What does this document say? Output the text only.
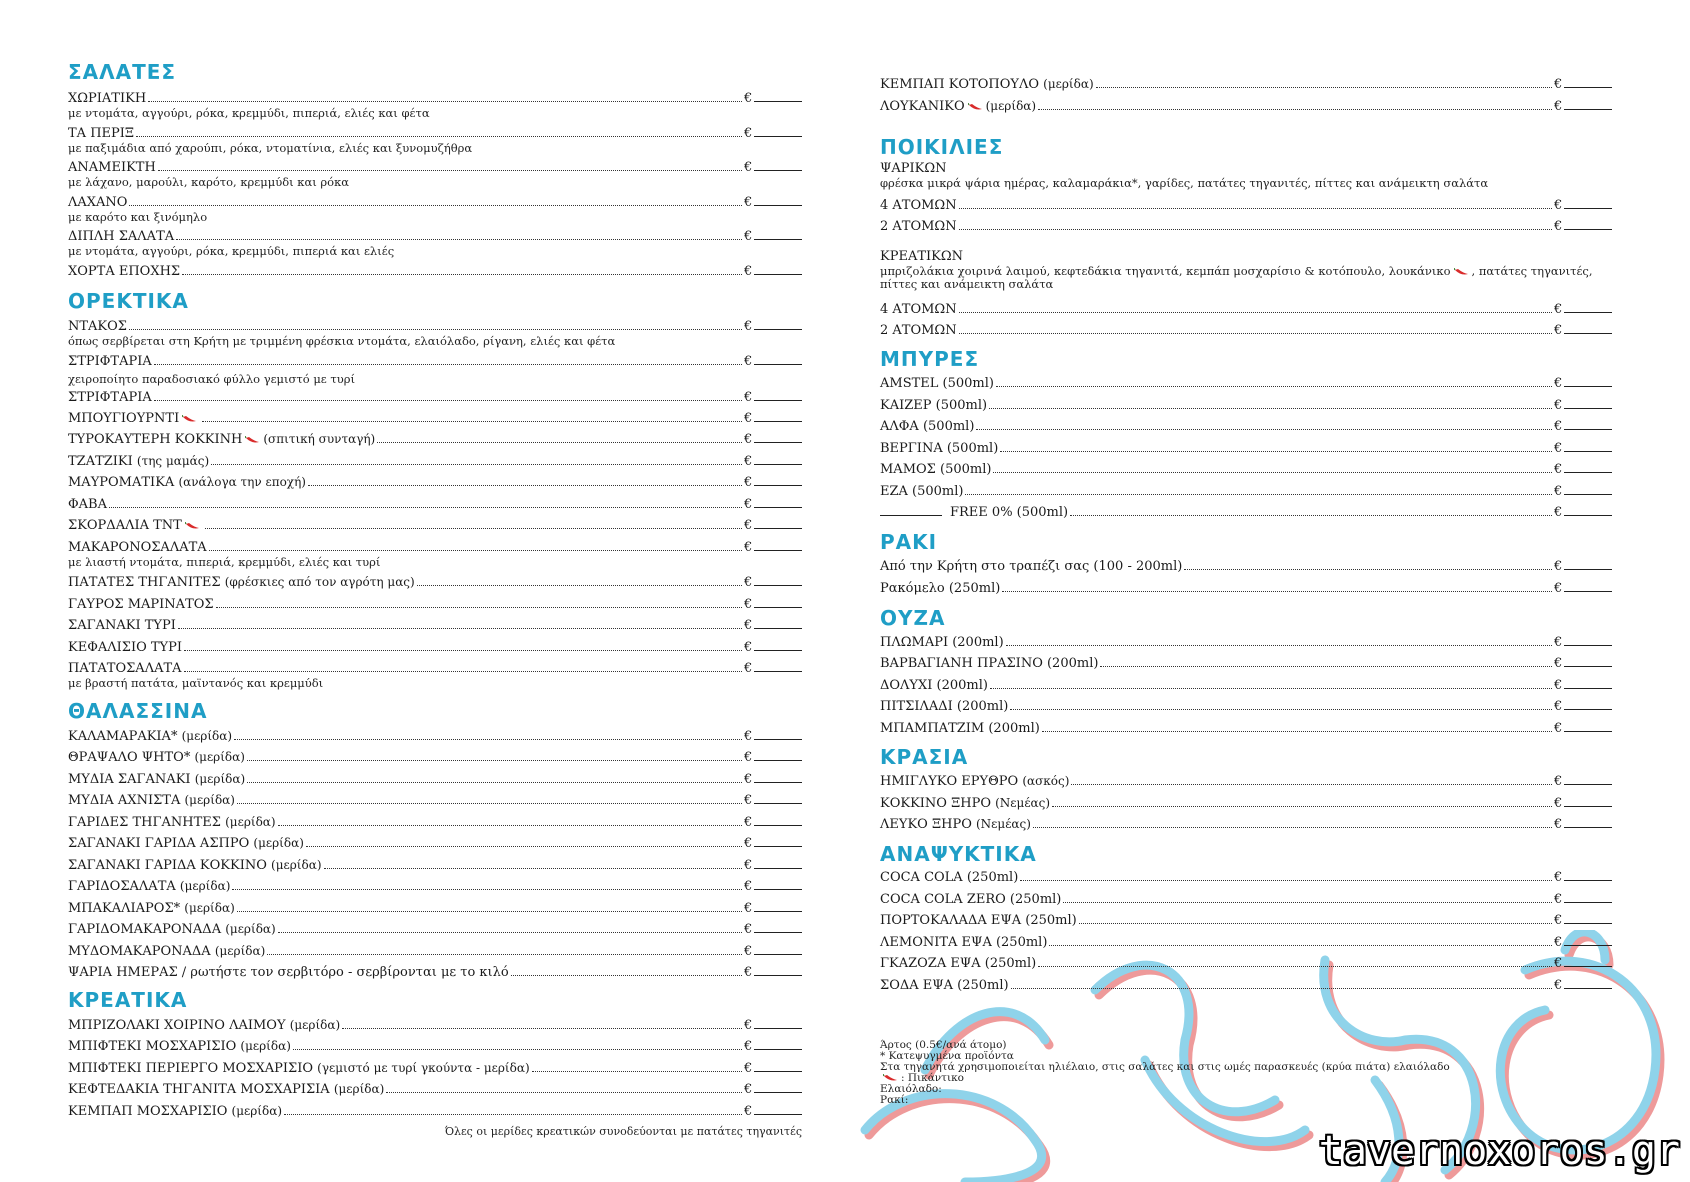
ΣΑΛΑΤΕΣ
ΧΩΡΙΑΤΙΚΗ	€
με ντομάτα, αγγούρι, ρόκα, κρεμμύδι, πιπεριά, ελιές και φέτα
ΤΑ ΠΕΡΙΞ	€
με παξιμάδια από χαρούπι, ρόκα, ντοματίνια, ελιές και ξυνομυζήθρα
ΑΝΑΜΕΙΚΤΗ	€
με λάχανο, μαρούλι, καρότο, κρεμμύδι και ρόκα
ΛΑΧΑΝΟ	€
με καρότο και ξινόμηλο
ΔΙΠΛΗ ΣΑΛΑΤΑ	€
με ντομάτα, αγγούρι, ρόκα, κρεμμύδι, πιπεριά και ελιές
ΧΟΡΤΑ ΕΠΟΧΗΣ	€
ΟΡΕΚΤΙΚΑ
ΝΤΑΚΟΣ	€
όπως σερβίρεται στη Κρήτη με τριμμένη φρέσκια ντομάτα, ελαιόλαδο, ρίγανη, ελιές και φέτα
ΣΤΡΙΦΤΑΡΙΑ	€
χειροποίητο παραδοσιακό φύλλο γεμιστό με τυρί
ΣΤΡΙΦΤΑΡΙΑ	€
ΜΠΟΥΓΙΟΥΡΝΤΙ	€
ΤΥΡΟΚΑΥΤΕΡΗ ΚΟΚΚΙΝΗ (σπιτική συνταγή)	€
ΤΖΑΤΖΙΚΙ (της μαμάς)	€
ΜΑΥΡΟΜΑΤΙΚΑ (ανάλογα την εποχή)	€
ΦΑΒΑ	€
ΣΚΟΡΔΑΛΙΑ ΤΝΤ	€
ΜΑΚΑΡΟΝΟΣΑΛΑΤΑ	€
με λιαστή ντομάτα, πιπεριά, κρεμμύδι, ελιές και τυρί
ΠΑΤΑΤΕΣ ΤΗΓΑΝΙΤΕΣ (φρέσκιες από τον αγρότη μας)	€
ΓΑΥΡΟΣ ΜΑΡΙΝΑΤΟΣ	€
ΣΑΓΑΝΑΚΙ ΤΥΡΙ	€
ΚΕΦΑΛΙΣΙΟ ΤΥΡΙ	€
ΠΑΤΑΤΟΣΑΛΑΤΑ	€
με βραστή πατάτα, μαϊντανός και κρεμμύδι
ΘΑΛΑΣΣΙΝΑ
ΚΑΛΑΜΑΡΑΚΙΑ* (μερίδα)	€
ΘΡΑΨΑΛΟ ΨΗΤΟ* (μερίδα)	€
ΜΥΔΙΑ ΣΑΓΑΝΑΚΙ (μερίδα)	€
ΜΥΔΙΑ ΑΧΝΙΣΤΑ (μερίδα)	€
ΓΑΡΙΔΕΣ ΤΗΓΑΝΗΤΕΣ (μερίδα)	€
ΣΑΓΑΝΑΚΙ ΓΑΡΙΔΑ ΑΣΠΡΟ (μερίδα)	€
ΣΑΓΑΝΑΚΙ ΓΑΡΙΔΑ ΚΟΚΚΙΝΟ (μερίδα)	€
ΓΑΡΙΔΟΣΑΛΑΤΑ (μερίδα)	€
ΜΠΑΚΑΛΙΑΡΟΣ* (μερίδα)	€
ΓΑΡΙΔΟΜΑΚΑΡΟΝΑΔΑ (μερίδα)	€
ΜΥΔΟΜΑΚΑΡΟΝΑΔΑ (μερίδα)	€
ΨΑΡΙΑ ΗΜΕΡΑΣ / ρωτήστε τον σερβιτόρο - σερβίρονται με το κιλό	€
ΚΡΕΑΤΙΚΑ
ΜΠΡΙΖΟΛΑΚΙ ΧΟΙΡΙΝΟ ΛΑΙΜΟΥ (μερίδα)	€
ΜΠΙΦΤΕΚΙ ΜΟΣΧΑΡΙΣΙΟ (μερίδα)	€
ΜΠΙΦΤΕΚΙ ΠΕΡΙΕΡΓΟ ΜΟΣΧΑΡΙΣΙΟ (γεμιστό με τυρί γκούντα - μερίδα)	€
ΚΕΦΤΕΔΑΚΙΑ ΤΗΓΑΝΙΤΑ ΜΟΣΧΑΡΙΣΙΑ (μερίδα)	€
ΚΕΜΠΑΠ ΜΟΣΧΑΡΙΣΙΟ (μερίδα)	€
Όλες οι μερίδες κρεατικών συνοδεύονται με πατάτες τηγανιτές
ΚΕΜΠΑΠ ΚΟΤΟΠΟΥΛΟ (μερίδα)	€
ΛΟΥΚΑΝΙΚΟ (μερίδα)	€
ΠΟΙΚΙΛΙΕΣ
ΨΑΡΙΚΩΝ
φρέσκα μικρά ψάρια ημέρας, καλαμαράκια*, γαρίδες, πατάτες τηγανιτές, πίττες και ανάμεικτη σαλάτα
4 ΑΤΟΜΩΝ	€
2 ΑΤΟΜΩΝ	€
ΚΡΕΑΤΙΚΩΝ
μπριζολάκια χοιρινά λαιμού, κεφτεδάκια τηγανιτά, κεμπάπ μοσχαρίσιο & κοτόπουλο, λουκάνικο , πατάτες τηγανιτές,
πίττες και ανάμεικτη σαλάτα
4 ΑΤΟΜΩΝ	€
2 ΑΤΟΜΩΝ	€
ΜΠΥΡΕΣ
AMSTEL (500ml)	€
ΚΑΙΖΕΡ (500ml)	€
ΑΛΦΑ (500ml)	€
ΒΕΡΓΙΝΑ (500ml)	€
ΜΑΜΟΣ (500ml)	€
ΕΖΑ (500ml)	€
FREE 0% (500ml)	€
ΡΑΚΙ
Από την Κρήτη στο τραπέζι σας (100 - 200ml)	€
Ρακόμελο (250ml)	€
ΟΥΖΑ
ΠΛΩΜΑΡΙ (200ml)	€
ΒΑΡΒΑΓΙΑΝΗ ΠΡΑΣΙΝΟ (200ml)	€
ΔΟΛΥΧΙ (200ml)	€
ΠΙΤΣΙΛΑΔΙ (200ml)	€
ΜΠΑΜΠΑΤΖΙΜ (200ml)	€
ΚΡΑΣΙΑ
ΗΜΙΓΛΥΚΟ ΕΡΥΘΡΟ (ασκός)	€
ΚΟΚΚΙΝΟ ΞΗΡΟ (Νεμέας)	€
ΛΕΥΚΟ ΞΗΡΟ (Νεμέας)	€
ΑΝΑΨΥΚΤΙΚΑ
COCA COLA (250ml)	€
COCA COLA ZERO (250ml)	€
ΠΟΡΤΟΚΑΛΑΔΑ ΕΨΑ (250ml)	€
ΛΕΜΟΝΙΤΑ ΕΨΑ (250ml)	€
ΓΚΑΖΟΖΑ ΕΨΑ (250ml)	€
ΣΟΔΑ ΕΨΑ (250ml)	€
Άρτος (0.5€/ανά άτομο)
* Κατεψυγμένα προϊόντα
Στα τηγανητά χρησιμοποιείται ηλιέλαιο, στις σαλάτες και στις ωμές παρασκευές (κρύα πιάτα) ελαιόλαδο
: Πικάντικο
Ελαιόλαδο:
Ρακί:
tavernoxoros.gr
